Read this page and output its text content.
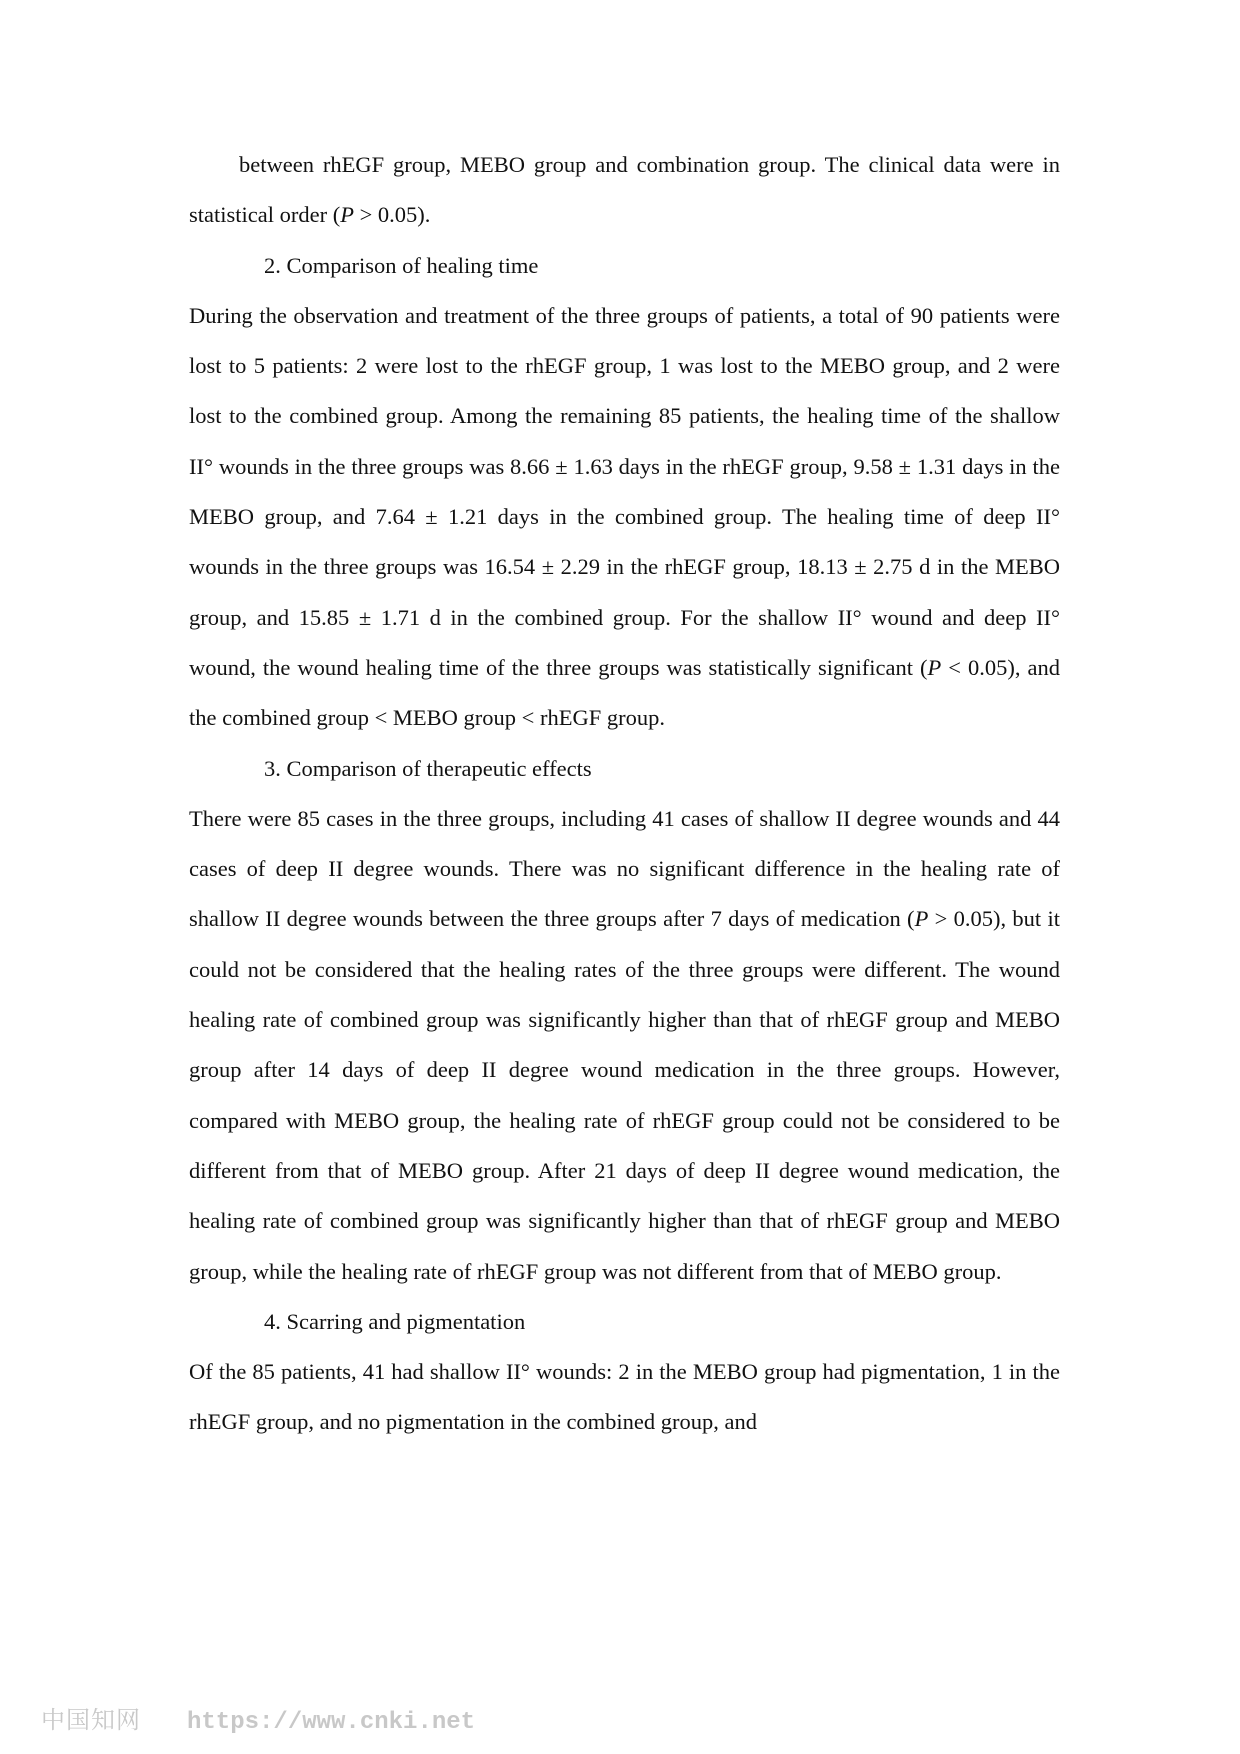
between rhEGF group, MEBO group and combination group. The clinical data were in statistical order (P > 0.05).

2. Comparison of healing time

During the observation and treatment of the three groups of patients, a total of 90 patients were lost to 5 patients: 2 were lost to the rhEGF group, 1 was lost to the MEBO group, and 2 were lost to the combined group. Among the remaining 85 patients, the healing time of the shallow II° wounds in the three groups was 8.66 ± 1.63 days in the rhEGF group, 9.58 ± 1.31 days in the MEBO group, and 7.64 ± 1.21 days in the combined group. The healing time of deep II° wounds in the three groups was 16.54 ± 2.29 in the rhEGF group, 18.13 ± 2.75 d in the MEBO group, and 15.85 ± 1.71 d in the combined group. For the shallow II° wound and deep II° wound, the wound healing time of the three groups was statistically significant (P < 0.05), and the combined group < MEBO group < rhEGF group.

3. Comparison of therapeutic effects

There were 85 cases in the three groups, including 41 cases of shallow II degree wounds and 44 cases of deep II degree wounds. There was no significant difference in the healing rate of shallow II degree wounds between the three groups after 7 days of medication (P > 0.05), but it could not be considered that the healing rates of the three groups were different. The wound healing rate of combined group was significantly higher than that of rhEGF group and MEBO group after 14 days of deep II degree wound medication in the three groups. However, compared with MEBO group, the healing rate of rhEGF group could not be considered to be different from that of MEBO group. After 21 days of deep II degree wound medication, the healing rate of combined group was significantly higher than that of rhEGF group and MEBO group, while the healing rate of rhEGF group was not different from that of MEBO group.

4. Scarring and pigmentation

Of the 85 patients, 41 had shallow II° wounds: 2 in the MEBO group had pigmentation, 1 in the rhEGF group, and no pigmentation in the combined group, and

中国知网 https://www.cnki.net
